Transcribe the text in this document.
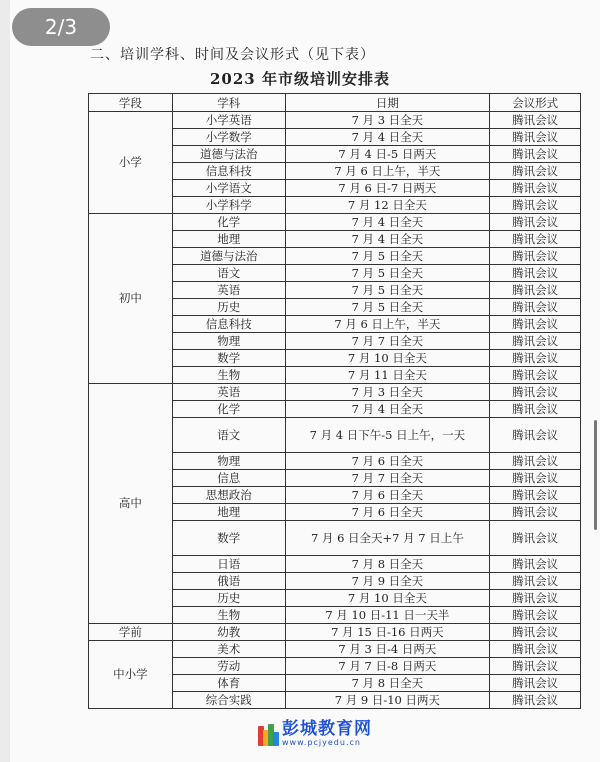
2/3
二、培训学科、时间及会议形式（见下表）
2023 年市级培训安排表
学段	学科	日期	会议形式
小学	小学英语	7 月 3 日全天	腾讯会议
	小学数学	7 月 4 日全天	腾讯会议
	道德与法治	7 月 4 日-5 日两天	腾讯会议
	信息科技	7 月 6 日上午，半天	腾讯会议
	小学语文	7 月 6 日-7 日两天	腾讯会议
	小学科学	7 月 12 日全天	腾讯会议
初中	化学	7 月 4 日全天	腾讯会议
	地理	7 月 4 日全天	腾讯会议
	道德与法治	7 月 5 日全天	腾讯会议
	语文	7 月 5 日全天	腾讯会议
	英语	7 月 5 日全天	腾讯会议
	历史	7 月 5 日全天	腾讯会议
	信息科技	7 月 6 日上午，半天	腾讯会议
	物理	7 月 7 日全天	腾讯会议
	数学	7 月 10 日全天	腾讯会议
	生物	7 月 11 日全天	腾讯会议
高中	英语	7 月 3 日全天	腾讯会议
	化学	7 月 4 日全天	腾讯会议
	语文	7 月 4 日下午-5 日上午，一天	腾讯会议
	物理	7 月 6 日全天	腾讯会议
	信息	7 月 7 日全天	腾讯会议
	思想政治	7 月 6 日全天	腾讯会议
	地理	7 月 6 日全天	腾讯会议
	数学	7 月 6 日全天+7 月 7 日上午	腾讯会议
	日语	7 月 8 日全天	腾讯会议
	俄语	7 月 9 日全天	腾讯会议
	历史	7 月 10 日全天	腾讯会议
	生物	7 月 10 日-11 日一天半	腾讯会议
学前	幼教	7 月 15 日-16 日两天	腾讯会议
中小学	美术	7 月 3 日-4 日两天	腾讯会议
	劳动	7 月 7 日-8 日两天	腾讯会议
	体育	7 月 8 日全天	腾讯会议
	综合实践	7 月 9 日-10 日两天	腾讯会议
彭城教育网
www.pcjyedu.cn
